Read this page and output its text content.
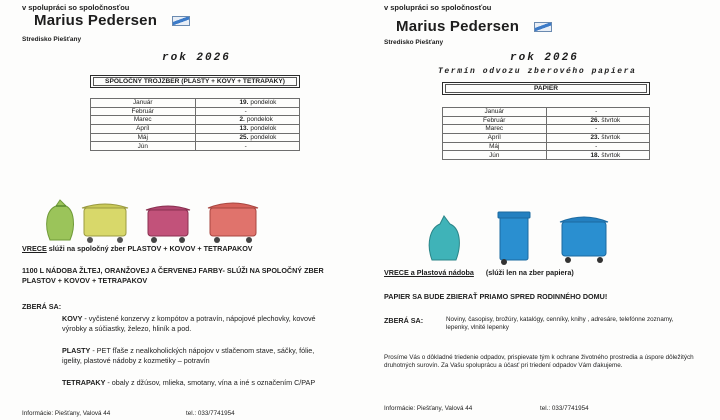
v spolupráci so spoločnosťou
Marius Pedersen
Stredisko Piešťany
rok 2026
SPOLOČNÝ TROJZBER (PLASTY + KOVY + TETRAPAKY)
Január	19. pondelok
Február	-
Marec	2. pondelok
Apríl	13. pondelok
Máj	25. pondelok
Jún	-
VRECE slúži na spoločný zber PLASTOV + KOVOV + TETRAPAKOV
1100 L NÁDOBA ŽLTEJ, ORANŽOVEJ A ČERVENEJ FARBY- SLÚŽI NA SPOLOČNÝ ZBER PLASTOV + KOVOV + TETRAPAKOV
ZBERÁ SA:
KOVY - vyčistené konzervy z kompótov a potravín, nápojové plechovky, kovové výrobky a súčiastky, železo, hliník a pod.
PLASTY - PET fľaše z nealkoholických nápojov v stlačenom stave, sáčky, fólie, igelity, plastové nádoby z kozmetiky – potravín
TETRAPAKY - obaly z džúsov, mlieka, smotany, vína a iné s označením C/PAP
Informácie: Piešťany, Valová 44	tel.: 033/7741954
v spolupráci so spoločnosťou
Marius Pedersen
Stredisko Piešťany
rok 2026
Termín odvozu zberového papiera
PAPIER
Január	-
Február	26. štvrtok
Marec	-
Apríl	23. štvrtok
Máj	-
Jún	18. štvrtok
VRECE a Plastová nádoba (slúži len na zber papiera)
PAPIER SA BUDE ZBIERAŤ PRIAMO SPRED RODINNÉHO DOMU!
ZBERÁ SA:	Noviny, časopisy, brožúry, katalógy, cenníky, knihy , adresáre, telefónne zoznamy, lepenky, vlnité lepenky
Prosíme Vás o dôkladné triedenie odpadov, prispievate tým k ochrane životného prostredia a úspore dôležitých druhotných surovín. Za Vašu spoluprácu a účasť pri triedení odpadov Vám ďakujeme.
Informácie: Piešťany, Valová 44	tel.: 033/7741954
